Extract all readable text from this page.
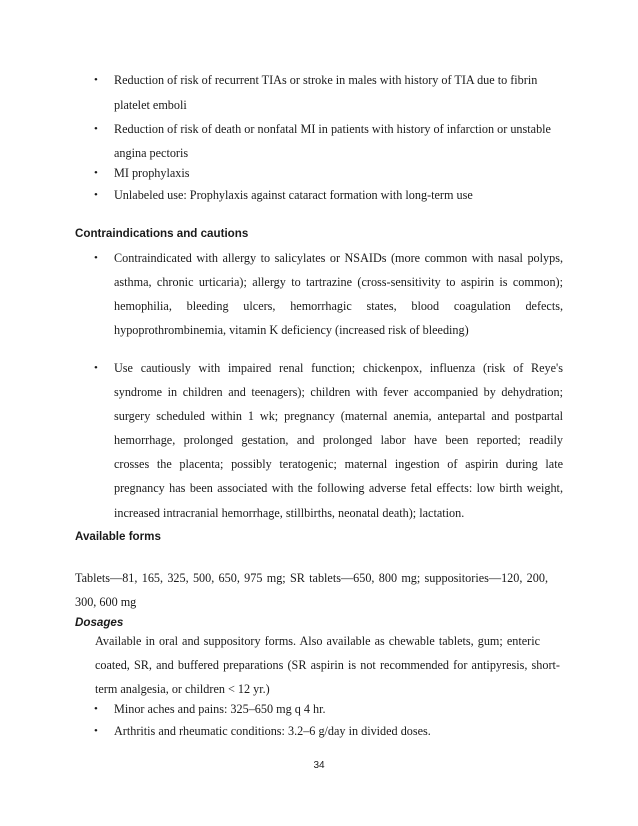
• Reduction of risk of recurrent TIAs or stroke in males with history of TIA due to fibrin
platelet emboli
• Reduction of risk of death or nonfatal MI in patients with history of infarction or unstable
angina pectoris
• MI prophylaxis
• Unlabeled use: Prophylaxis against cataract formation with long-term use
Contraindications and cautions
• Contraindicated with allergy to salicylates or NSAIDs (more common with nasal polyps,
asthma, chronic urticaria); allergy to tartrazine (cross-sensitivity to aspirin is common);
hemophilia, bleeding ulcers, hemorrhagic states, blood coagulation defects,
hypoprothrombinemia, vitamin K deficiency (increased risk of bleeding)
• Use cautiously with impaired renal function; chickenpox, influenza (risk of Reye's
syndrome in children and teenagers); children with fever accompanied by dehydration;
surgery scheduled within 1 wk; pregnancy (maternal anemia, antepartal and postpartal
hemorrhage, prolonged gestation, and prolonged labor have been reported; readily
crosses the placenta; possibly teratogenic; maternal ingestion of aspirin during late
pregnancy has been associated with the following adverse fetal effects: low birth weight,
increased intracranial hemorrhage, stillbirths, neonatal death); lactation.
Available forms
Tablets—81, 165, 325, 500, 650, 975 mg; SR tablets—650, 800 mg; suppositories—120, 200,
300, 600 mg
Dosages
Available in oral and suppository forms. Also available as chewable tablets, gum; enteric
coated, SR, and buffered preparations (SR aspirin is not recommended for antipyresis, short-
term analgesia, or children < 12 yr.)
• Minor aches and pains: 325–650 mg q 4 hr.
• Arthritis and rheumatic conditions: 3.2–6 g/day in divided doses.
34
